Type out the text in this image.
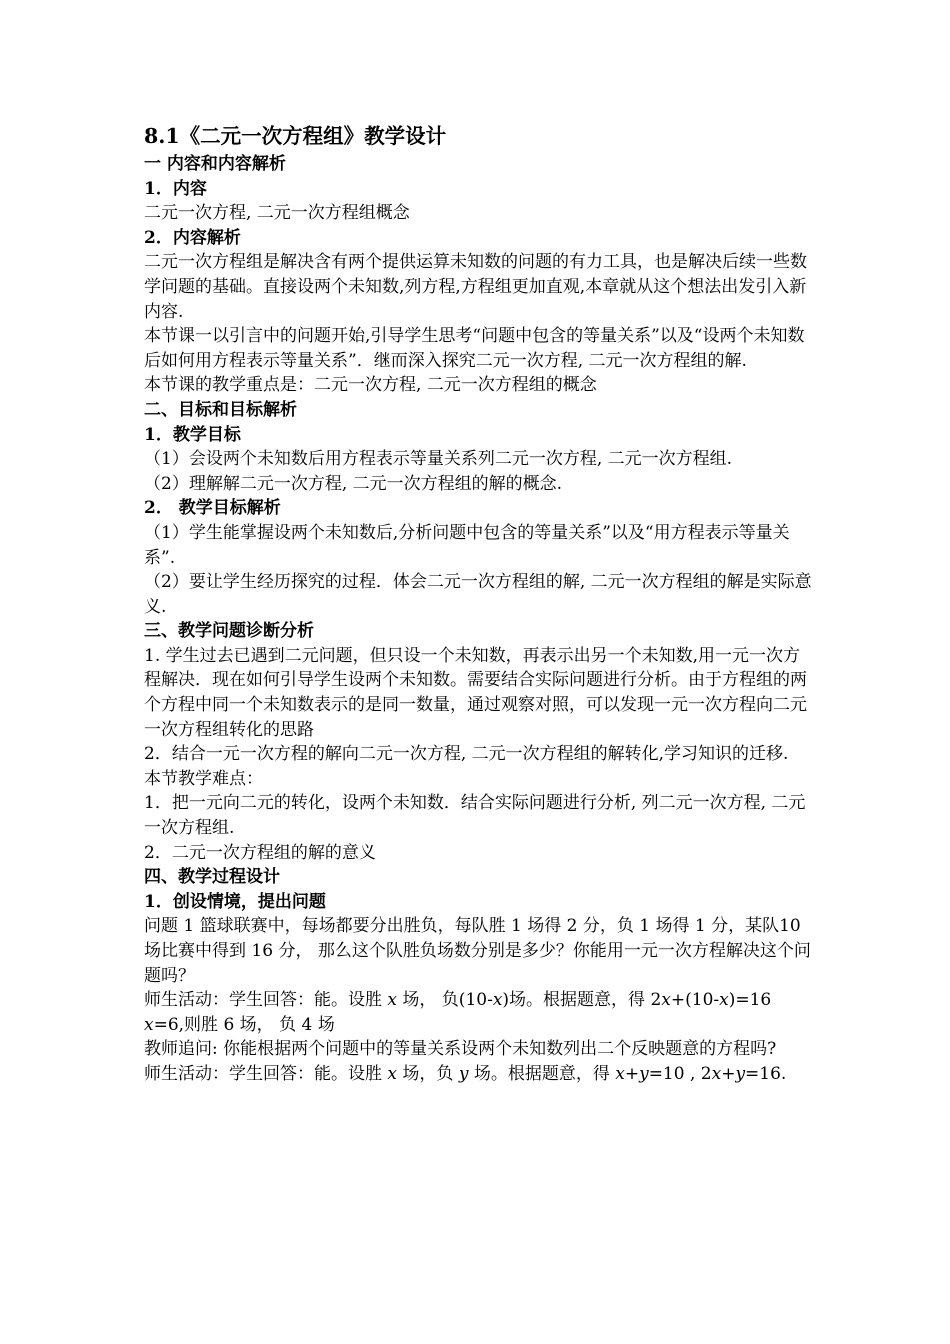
8.1《二元一次方程组》教学设计
一 内容和内容解析
1．内容

二元一次方程, 二元一次方程组概念

2．内容解析

二元一次方程组是解决含有两个提供运算未知数的问题的有力工具，也是解决后续一些数学问题的基础。直接设两个未知数,列方程,方程组更加直观,本章就从这个想法出发引入新内容.

本节课一以引言中的问题开始,引导学生思考“问题中包含的等量关系”以及“设两个未知数后如何用方程表示等量关系”．继而深入探究二元一次方程, 二元一次方程组的解.

本节课的教学重点是：二元一次方程, 二元一次方程组的概念

二、目标和目标解析
1．教学目标

（1）会设两个未知数后用方程表示等量关系列二元一次方程, 二元一次方程组.

（2）理解解二元一次方程, 二元一次方程组的解的概念.

2． 教学目标解析

（1）学生能掌握设两个未知数后,分析问题中包含的等量关系”以及“用方程表示等量关系”.

（2）要让学生经历探究的过程．体会二元一次方程组的解, 二元一次方程组的解是实际意义.

三、教学问题诊断分析

1. 学生过去已遇到二元问题，但只设一个未知数，再表示出另一个未知数,用一元一次方程解决．现在如何引导学生设两个未知数。需要结合实际问题进行分析。由于方程组的两个方程中同一个未知数表示的是同一数量，通过观察对照，可以发现一元一次方程向二元一次方程组转化的思路

2．结合一元一次方程的解向二元一次方程, 二元一次方程组的解转化,学习知识的迁移.

本节教学难点：

1．把一元向二元的转化，设两个未知数．结合实际问题进行分析, 列二元一次方程, 二元一次方程组.

2．二元一次方程组的解的意义

四、教学过程设计
1．创设情境，提出问题

问题 1 篮球联赛中，每场都要分出胜负，每队胜 1 场得 2 分，负 1 场得 1 分，某队10 场比赛中得到 16 分， 那么这个队胜负场数分别是多少？你能用一元一次方程解决这个问题吗？

师生活动：学生回答：能。设胜 x 场， 负(10-x)场。根据题意，得 2x+(10-x)=16

x=6,则胜 6 场， 负 4 场

教师追问: 你能根据两个问题中的等量关系设两个未知数列出二个反映题意的方程吗?

师生活动：学生回答：能。设胜 x 场，负 y 场。根据题意，得 x+y=10 , 2x+y=16.
